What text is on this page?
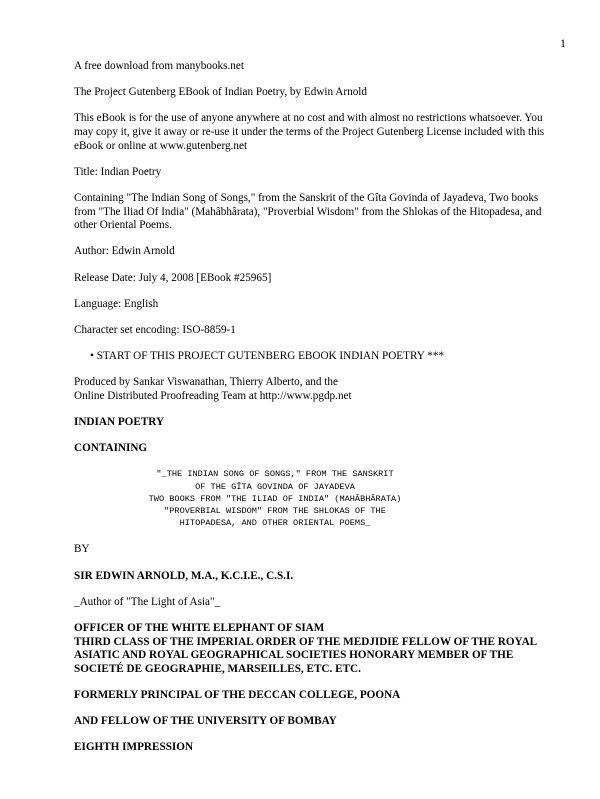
1

A free download from manybooks.net

The Project Gutenberg EBook of Indian Poetry, by Edwin Arnold

This eBook is for the use of anyone anywhere at no cost and with almost no restrictions whatsoever. You may copy it, give it away or re-use it under the terms of the Project Gutenberg License included with this eBook or online at www.gutenberg.net

Title: Indian Poetry

Containing "The Indian Song of Songs," from the Sanskrit of the Gîta Govinda of Jayadeva, Two books from "The Iliad Of India" (Mahâbhârata), "Proverbial Wisdom" from the Shlokas of the Hitopadesa, and other Oriental Poems.

Author: Edwin Arnold

Release Date: July 4, 2008 [EBook #25965]

Language: English

Character set encoding: ISO-8859-1

• START OF THIS PROJECT GUTENBERG EBOOK INDIAN POETRY ***

Produced by Sankar Viswanathan, Thierry Alberto, and the
Online Distributed Proofreading Team at http://www.pgdp.net

INDIAN POETRY

CONTAINING

"_THE INDIAN SONG OF SONGS," FROM THE SANSKRIT
OF THE GÎTA GOVINDA OF JAYADEVA
TWO BOOKS FROM "THE ILIAD OF INDIA" (MAHÂBHÂRATA)
"PROVERBIAL WISDOM" FROM THE SHLOKAS OF THE
HITOPADESA, AND OTHER ORIENTAL POEMS_

BY

SIR EDWIN ARNOLD, M.A., K.C.I.E., C.S.I.

_Author of "The Light of Asia"_

OFFICER OF THE WHITE ELEPHANT OF SIAM
THIRD CLASS OF THE IMPERIAL ORDER OF THE MEDJIDIE FELLOW OF THE ROYAL ASIATIC AND ROYAL GEOGRAPHICAL SOCIETIES HONORARY MEMBER OF THE SOCIETÉ DE GEOGRAPHIE, MARSEILLES, ETC. ETC.

FORMERLY PRINCIPAL OF THE DECCAN COLLEGE, POONA

AND FELLOW OF THE UNIVERSITY OF BOMBAY

EIGHTH IMPRESSION
